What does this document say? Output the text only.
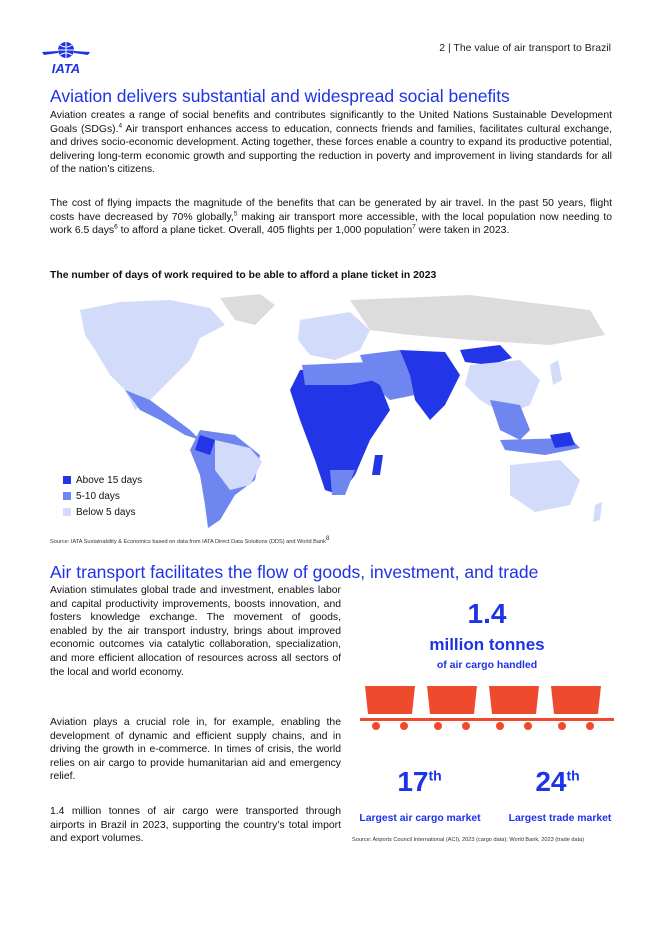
IATA
2 | The value of air transport to Brazil
Aviation delivers substantial and widespread social benefits

Aviation creates a range of social benefits and contributes significantly to the United Nations Sustainable Development Goals (SDGs).$^4$ Air transport enhances access to education, connects friends and families, facilitates cultural exchange, and drives socio-economic development. Acting together, these forces enable a country to expand its productive potential, delivering long-term economic growth and supporting the reduction in poverty and improvement in living standards for all of the nation’s citizens.

The cost of flying impacts the magnitude of the benefits that can be generated by air travel. In the past 50 years, flight costs have decreased by 70% globally,$^5$ making air transport more accessible, with the local population now needing to work 6.5 days$^6$ to afford a plane ticket. Overall, 405 flights per 1,000 population$^7$ were taken in 2023.

The number of days of work required to be able to afford a plane ticket in 2023
Above 15 days
5-10 days
Below 5 days
Source: IATA Sustainability & Economics based on data from IATA Direct Data Solutions (DDS) and World Bank8
Air transport facilitates the flow of goods, investment, and trade

Aviation stimulates global trade and investment, enables labor and capital productivity improvements, boosts innovation, and fosters knowledge exchange. The movement of goods, enabled by the air transport industry, brings about improved economic outcomes via catalytic collaboration, specialization, and more efficient allocation of resources across all sectors of the local and world economy.

Aviation plays a crucial role in, for example, enabling the development of dynamic and efficient supply chains, and in driving the growth in e-commerce. In times of crisis, the world relies on air cargo to provide humanitarian aid and emergency relief.

1.4 million tonnes of air cargo were transported through airports in Brazil in 2023, supporting the country’s total import and export volumes.

1.4
million tonnes
of air cargo handled
17th	24th
Largest air cargo market	Largest trade market
Source: Airports Council International (ACI), 2023 (cargo data); World Bank, 2023 (trade data)
